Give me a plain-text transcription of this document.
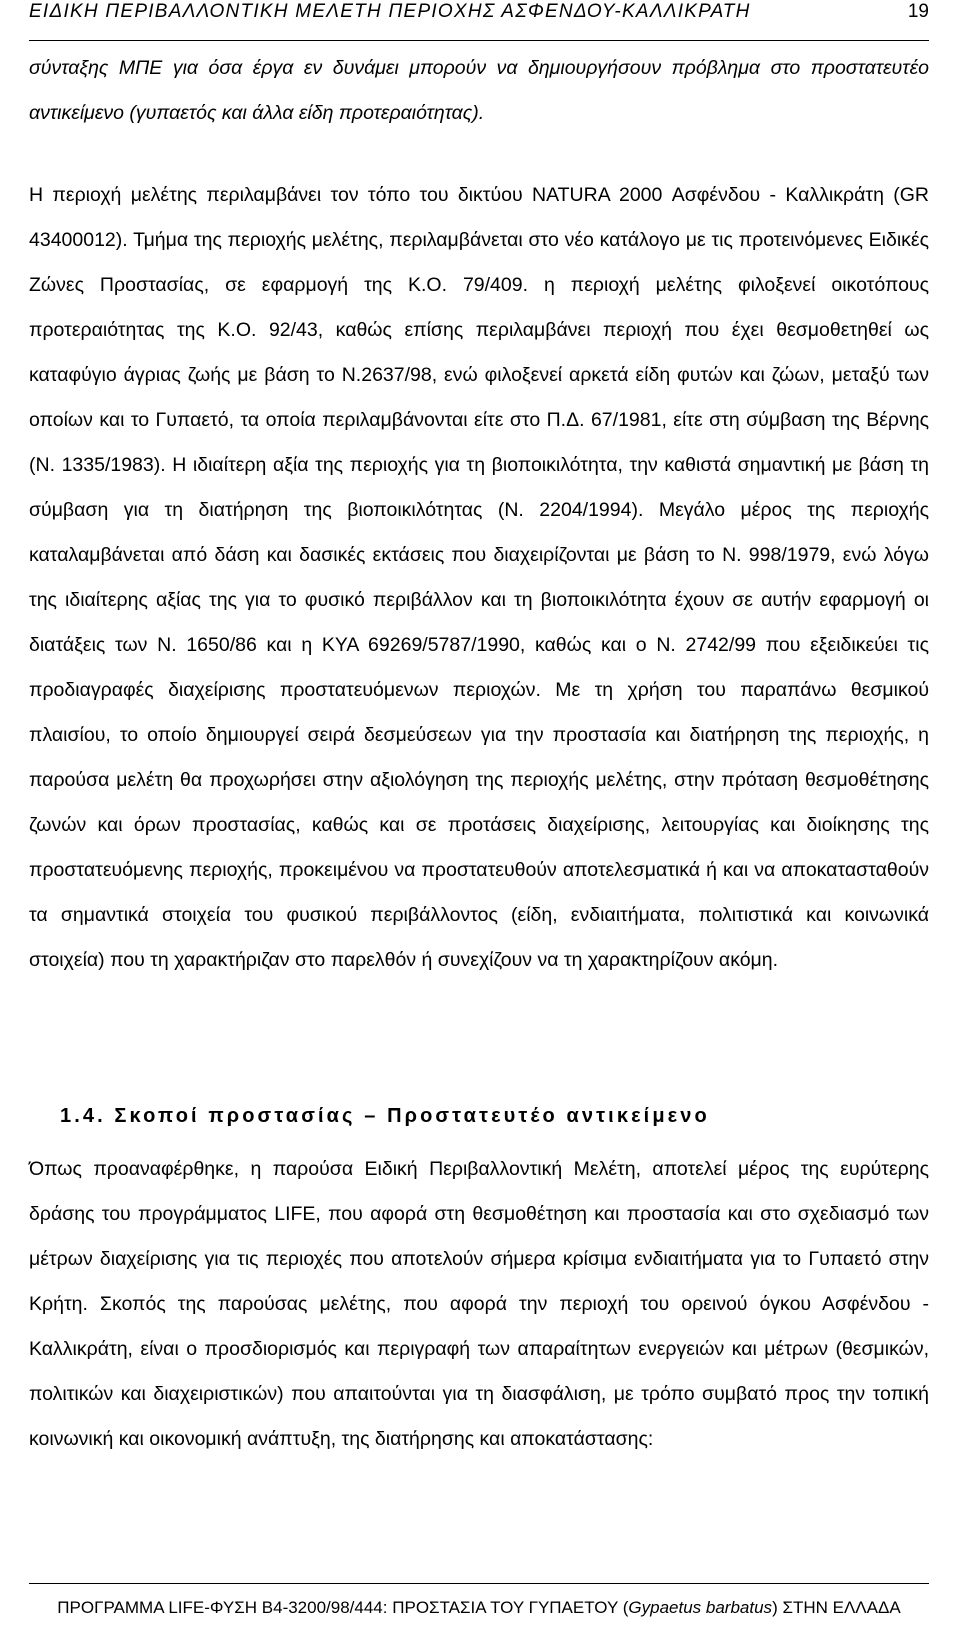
ΕΙΔΙΚΗ ΠΕΡΙΒΑΛΛΟΝΤΙΚΗ ΜΕΛΕΤΗ ΠΕΡΙΟΧΗΣ ΑΣΦΕΝΔΟΥ-ΚΑΛΛΙΚΡΑΤΗ	19

σύνταξης ΜΠΕ για όσα έργα εν δυνάμει μπορούν να δημιουργήσουν πρόβλημα στο προστατευτέο αντικείμενο (γυπαετός και άλλα είδη προτεραιότητας).

Η περιοχή μελέτης περιλαμβάνει τον τόπο του δικτύου NATURA 2000 Ασφένδου - Καλλικράτη (GR 43400012). Τμήμα της περιοχής μελέτης, περιλαμβάνεται στο νέο κατάλογο με τις προτεινόμενες Ειδικές Ζώνες Προστασίας, σε εφαρμογή της Κ.Ο. 79/409. η περιοχή μελέτης φιλοξενεί οικοτόπους προτεραιότητας της Κ.Ο. 92/43, καθώς επίσης περιλαμβάνει περιοχή που έχει θεσμοθετηθεί ως καταφύγιο άγριας ζωής με βάση το Ν.2637/98, ενώ φιλοξενεί αρκετά είδη φυτών και ζώων, μεταξύ των οποίων και το Γυπαετό, τα οποία περιλαμβάνονται είτε στο Π.Δ. 67/1981, είτε στη σύμβαση της Βέρνης (Ν. 1335/1983). Η ιδιαίτερη αξία της περιοχής για τη βιοποικιλότητα, την καθιστά σημαντική με βάση τη σύμβαση για τη διατήρηση της βιοποικιλότητας (Ν. 2204/1994). Μεγάλο μέρος της περιοχής καταλαμβάνεται από δάση και δασικές εκτάσεις που διαχειρίζονται με βάση το Ν. 998/1979, ενώ λόγω της ιδιαίτερης αξίας της για το φυσικό περιβάλλον και τη βιοποικιλότητα έχουν σε αυτήν εφαρμογή οι διατάξεις των Ν. 1650/86 και η ΚΥΑ 69269/5787/1990, καθώς και ο Ν. 2742/99 που εξειδικεύει τις προδιαγραφές διαχείρισης προστατευόμενων περιοχών. Με τη χρήση του παραπάνω θεσμικού πλαισίου, το οποίο δημιουργεί σειρά δεσμεύσεων για την προστασία και διατήρηση της περιοχής, η παρούσα μελέτη θα προχωρήσει στην αξιολόγηση της περιοχής μελέτης, στην πρόταση θεσμοθέτησης ζωνών και όρων προστασίας, καθώς και σε προτάσεις διαχείρισης, λειτουργίας και διοίκησης της προστατευόμενης περιοχής, προκειμένου να προστατευθούν αποτελεσματικά ή και να αποκατασταθούν τα σημαντικά στοιχεία του φυσικού περιβάλλοντος (είδη, ενδιαιτήματα, πολιτιστικά και κοινωνικά στοιχεία) που τη χαρακτήριζαν στο παρελθόν ή συνεχίζουν να τη χαρακτηρίζουν ακόμη.

1.4. Σκοποί προστασίας – Προστατευτέο αντικείμενο

Όπως προαναφέρθηκε, η παρούσα Ειδική Περιβαλλοντική Μελέτη, αποτελεί μέρος της ευρύτερης δράσης του προγράμματος LIFE, που αφορά στη θεσμοθέτηση και προστασία και στο σχεδιασμό των μέτρων διαχείρισης για τις περιοχές που αποτελούν σήμερα κρίσιμα ενδιαιτήματα για το Γυπαετό στην Κρήτη. Σκοπός της παρούσας μελέτης, που αφορά την περιοχή του ορεινού όγκου Ασφένδου - Καλλικράτη, είναι ο προσδιορισμός και περιγραφή των απαραίτητων ενεργειών και μέτρων (θεσμικών, πολιτικών και διαχειριστικών) που απαιτούνται για τη διασφάλιση, με τρόπο συμβατό προς την τοπική κοινωνική και οικονομική ανάπτυξη, της διατήρησης και αποκατάστασης:

ΠΡΟΓΡΑΜΜΑ LIFE-ΦΥΣΗ B4-3200/98/444: ΠΡΟΣΤΑΣΙΑ ΤΟΥ ΓΥΠΑΕΤΟΥ (Gypaetus barbatus) ΣΤΗΝ ΕΛΛΑΔΑ
